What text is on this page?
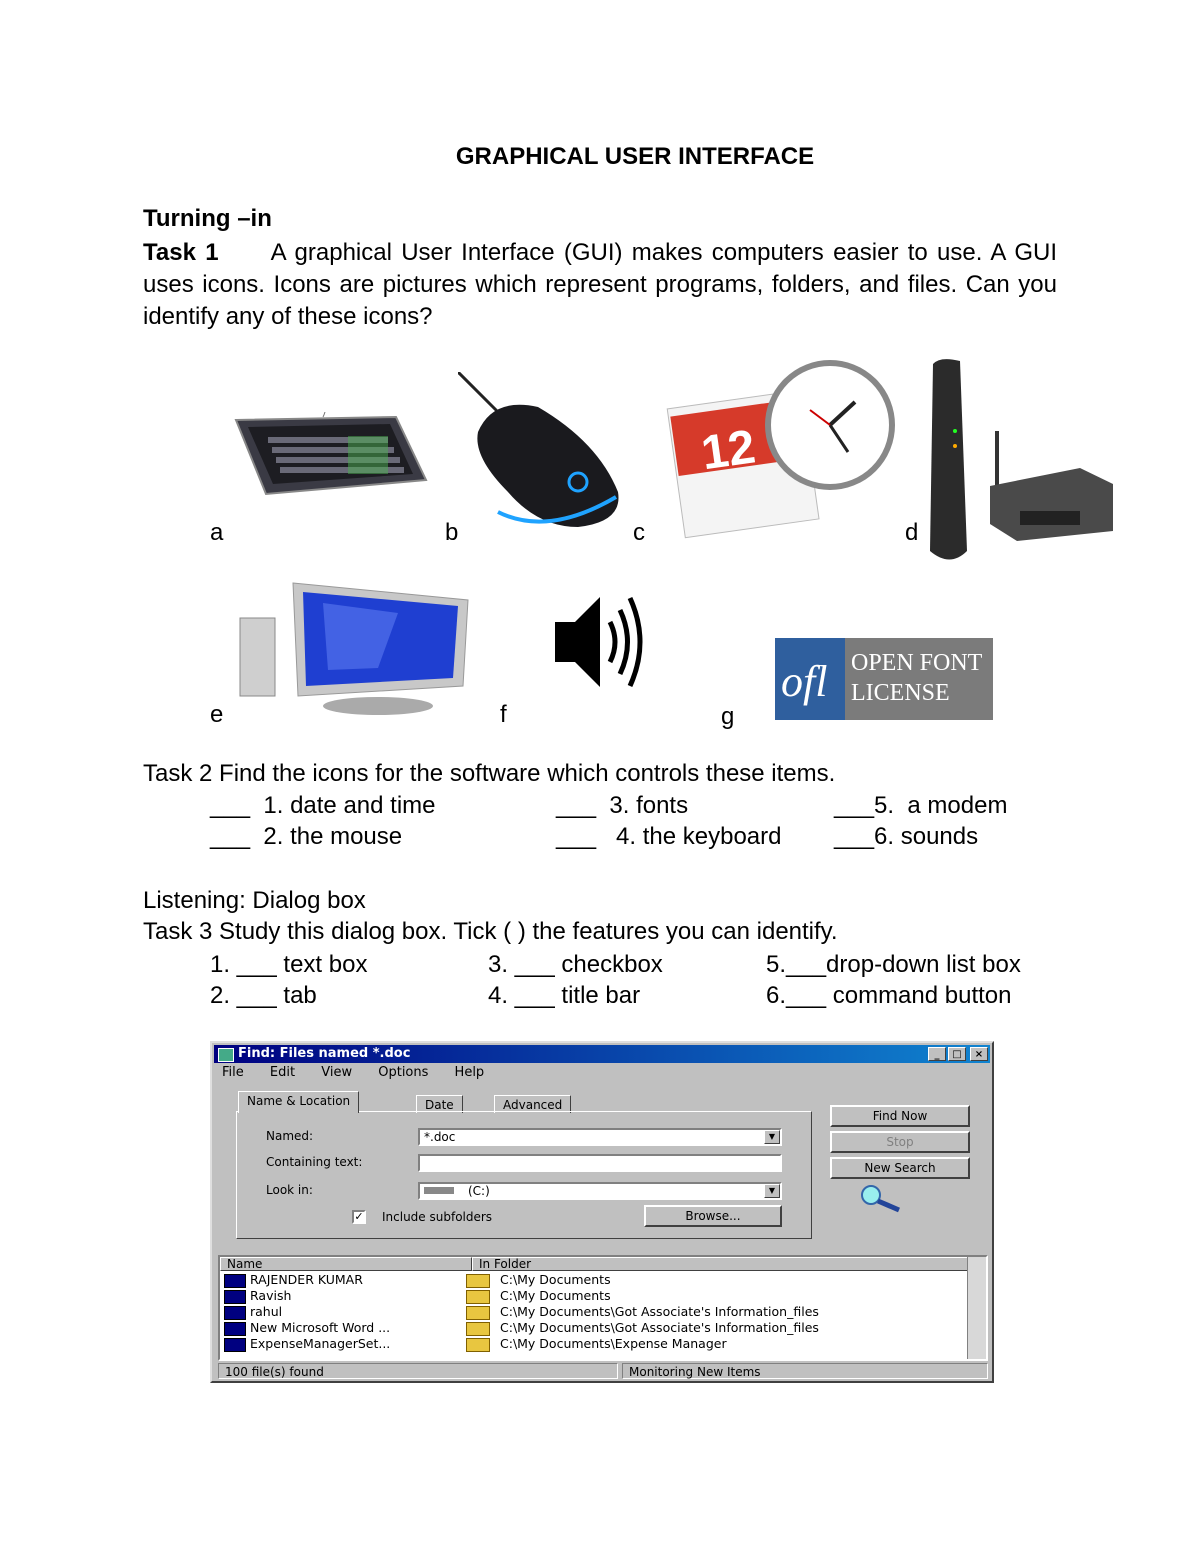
GRAPHICAL USER INTERFACE
Turning –in
Task 1 A graphical User Interface (GUI) makes computers easier to use. A GUI uses icons. Icons are pictures which represent programs, folders, and files. Can you identify any of these icons?
a	b
12
c	d
e	f	g
ofl OPEN FONT
LICENSE
Task 2 Find the icons for the software which controls these items.
___  1. date and time	___  3. fonts	___5.  a modem
___  2. the mouse	___   4. the keyboard ___6. sounds
Listening: Dialog box
Task 3 Study this dialog box. Tick ( ) the features you can identify.
1. ___ text box	3. ___ checkbox	5.___drop-down list box
2. ___ tab	4. ___ title bar	6.___ command button
Find: Files named *.doc	_	□	×
File Edit View Options Help
Name & Location	Date	Advanced
Named:	*.doc	▼
Containing text:
Look in:	(C:)	▼
✓ Include subfolders	Browse...
Find Now
Stop
New Search
Name	In Folder
RAJENDER KUMAR	C:\My Documents
Ravish	C:\My Documents
rahul	C:\My Documents\Got Associate's Information_files
New Microsoft Word ...	C:\My Documents\Got Associate's Information_files
ExpenseManagerSet...	C:\My Documents\Expense Manager
100 file(s) found	Monitoring New Items
